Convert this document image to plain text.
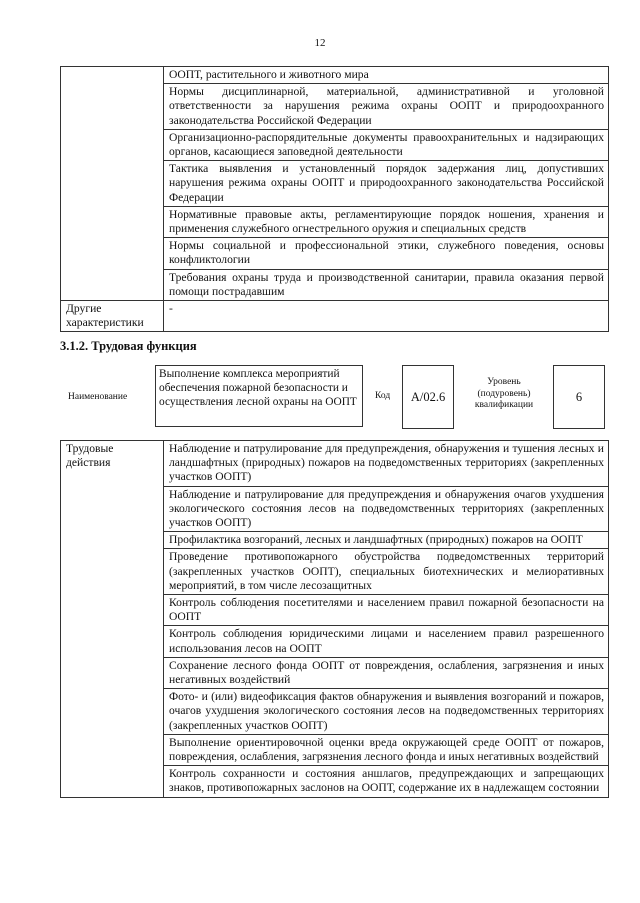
12
	ООПТ, растительного и животного мира
	Нормы дисциплинарной, материальной, административной и уголовной ответственности за нарушения режима охраны ООПТ и природоохранного законодательства Российской Федерации
	Организационно-распорядительные документы правоохранительных и надзирающих органов, касающиеся заповедной деятельности
	Тактика выявления и установленный порядок задержания лиц, допустивших нарушения режима охраны ООПТ и природоохранного законодательства Российской Федерации
	Нормативные правовые акты, регламентирующие порядок ношения, хранения и применения служебного огнестрельного оружия и специальных средств
	Нормы социальной и профессиональной этики, служебного поведения, основы конфликтологии
	Требования охраны труда и производственной санитарии, правила оказания первой помощи пострадавшим
Другие характеристики	-
3.1.2. Трудовая функция
Наименование
Выполнение комплекса мероприятий обеспечения пожарной безопасности и осуществления лесной охраны на ООПТ
Код	А/02.6
Уровень (подуровень) квалификации
6
Трудовые действия	Наблюдение и патрулирование для предупреждения, обнаружения и тушения лесных и ландшафтных (природных) пожаров на подведомственных территориях (закрепленных участков ООПТ)
Наблюдение и патрулирование для предупреждения и обнаружения очагов ухудшения экологического состояния лесов на подведомственных территориях (закрепленных участков ООПТ)
Профилактика возгораний, лесных и ландшафтных (природных) пожаров на ООПТ
Проведение противопожарного обустройства подведомственных территорий (закрепленных участков ООПТ), специальных биотехнических и мелиоративных мероприятий, в том числе лесозащитных
Контроль соблюдения посетителями и населением правил пожарной безопасности на ООПТ
Контроль соблюдения юридическими лицами и населением правил разрешенного использования лесов на ООПТ
Сохранение лесного фонда ООПТ от повреждения, ослабления, загрязнения и иных негативных воздействий
Фото- и (или) видеофиксация фактов обнаружения и выявления возгораний и пожаров, очагов ухудшения экологического состояния лесов на подведомственных территориях (закрепленных участков ООПТ)
Выполнение ориентировочной оценки вреда окружающей среде ООПТ от пожаров, повреждения, ослабления, загрязнения лесного фонда и иных негативных воздействий
Контроль сохранности и состояния аншлагов, предупреждающих и запрещающих знаков, противопожарных заслонов на ООПТ, содержание их в надлежащем состоянии
